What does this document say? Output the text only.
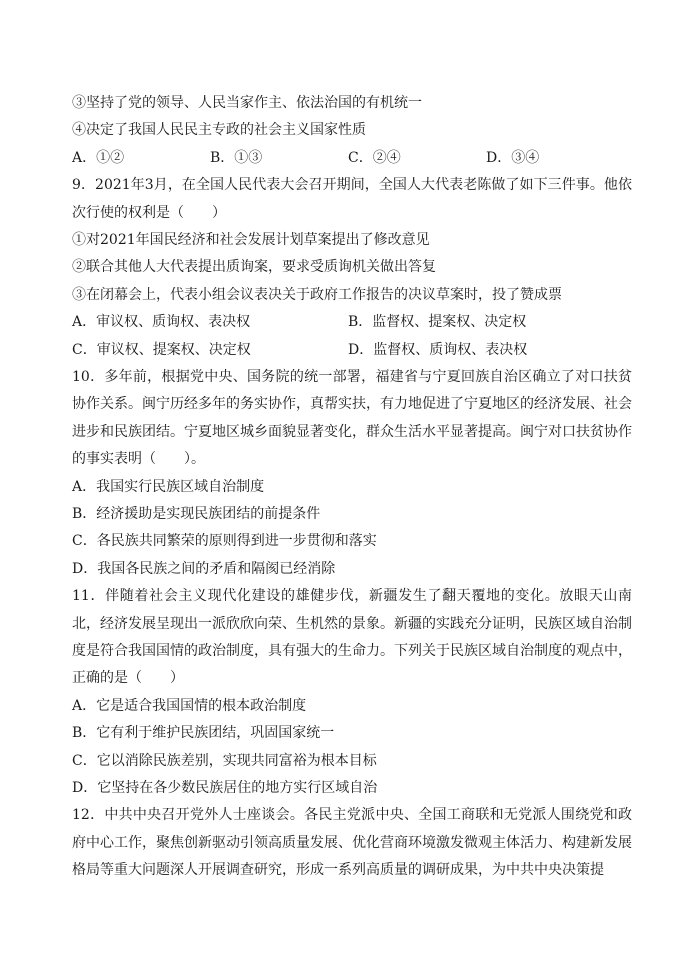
③坚持了党的领导、人民当家作主、依法治国的有机统一
④决定了我国人民民主专政的社会主义国家性质
A．①②	B．①③	C．②④	D．③④
9．2021年3月，在全国人民代表大会召开期间，全国人大代表老陈做了如下三件事。他依次行使的权利是（　　）
①对2021年国民经济和社会发展计划草案提出了修改意见
②联合其他人大代表提出质询案，要求受质询机关做出答复
③在闭幕会上，代表小组会议表决关于政府工作报告的决议草案时，投了赞成票
A．审议权、质询权、表决权	B．监督权、提案权、决定权
C．审议权、提案权、决定权	D．监督权、质询权、表决权
10．多年前，根据党中央、国务院的统一部署，福建省与宁夏回族自治区确立了对口扶贫协作关系。闽宁历经多年的务实协作，真帮实扶，有力地促进了宁夏地区的经济发展、社会进步和民族团结。宁夏地区城乡面貌显著变化，群众生活水平显著提高。闽宁对口扶贫协作的事实表明（　　）。
A．我国实行民族区域自治制度
B．经济援助是实现民族团结的前提条件
C．各民族共同繁荣的原则得到进一步贯彻和落实
D．我国各民族之间的矛盾和隔阂已经消除
11．伴随着社会主义现代化建设的雄健步伐，新疆发生了翻天覆地的变化。放眼天山南北，经济发展呈现出一派欣欣向荣、生机然的景象。新疆的实践充分证明，民族区域自治制度是符合我国国情的政治制度，具有强大的生命力。下列关于民族区域自治制度的观点中，正确的是（　　）
A．它是适合我国国情的根本政治制度
B．它有利于维护民族团结，巩固国家统一
C．它以消除民族差别，实现共同富裕为根本目标
D．它坚持在各少数民族居住的地方实行区域自治
12．中共中央召开党外人士座谈会。各民主党派中央、全国工商联和无党派人围绕党和政府中心工作，聚焦创新驱动引领高质量发展、优化营商环境激发微观主体活力、构建新发展格局等重大问题深人开展调查研究，形成一系列高质量的调研成果，为中共中央决策提
